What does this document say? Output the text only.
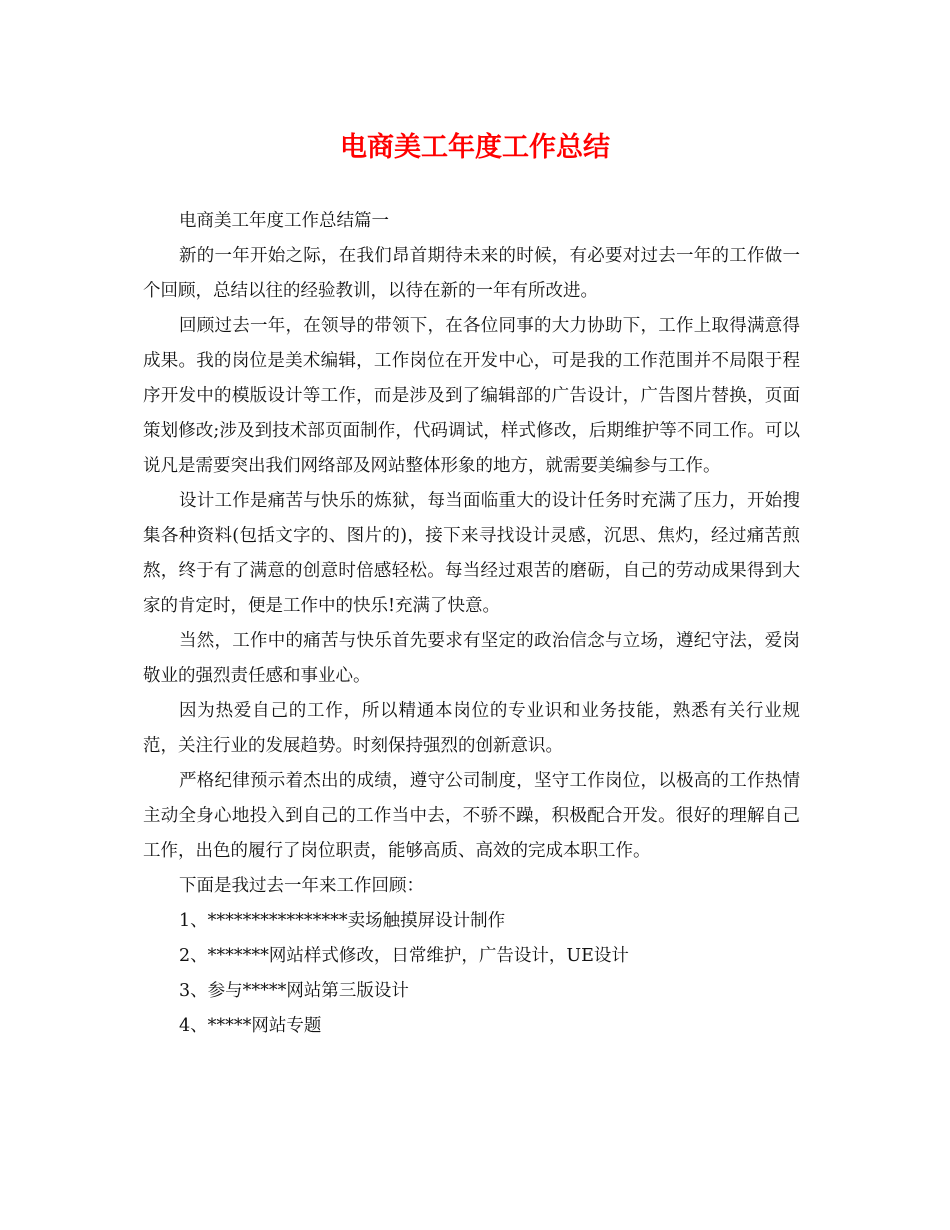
电商美工年度工作总结

电商美工年度工作总结篇一

新的一年开始之际，在我们昂首期待未来的时候，有必要对过去一年的工作做一个回顾，总结以往的经验教训，以待在新的一年有所改进。

回顾过去一年，在领导的带领下，在各位同事的大力协助下，工作上取得满意得成果。我的岗位是美术编辑，工作岗位在开发中心，可是我的工作范围并不局限于程序开发中的模版设计等工作，而是涉及到了编辑部的广告设计，广告图片替换，页面策划修改;涉及到技术部页面制作，代码调试，样式修改，后期维护等不同工作。可以说凡是需要突出我们网络部及网站整体形象的地方，就需要美编参与工作。

设计工作是痛苦与快乐的炼狱，每当面临重大的设计任务时充满了压力，开始搜集各种资料(包括文字的、图片的)，接下来寻找设计灵感，沉思、焦灼，经过痛苦煎熬，终于有了满意的创意时倍感轻松。每当经过艰苦的磨砺，自己的劳动成果得到大家的肯定时，便是工作中的快乐!充满了快意。

当然，工作中的痛苦与快乐首先要求有坚定的政治信念与立场，遵纪守法，爱岗敬业的强烈责任感和事业心。

因为热爱自己的工作，所以精通本岗位的专业识和业务技能，熟悉有关行业规范，关注行业的发展趋势。时刻保持强烈的创新意识。

严格纪律预示着杰出的成绩，遵守公司制度，坚守工作岗位，以极高的工作热情主动全身心地投入到自己的工作当中去，不骄不躁，积极配合开发。很好的理解自己工作，出色的履行了岗位职责，能够高质、高效的完成本职工作。

下面是我过去一年来工作回顾：

1、****************卖场触摸屏设计制作

2、*******网站样式修改，日常维护，广告设计，UE设计

3、参与*****网站第三版设计

4、*****网站专题
